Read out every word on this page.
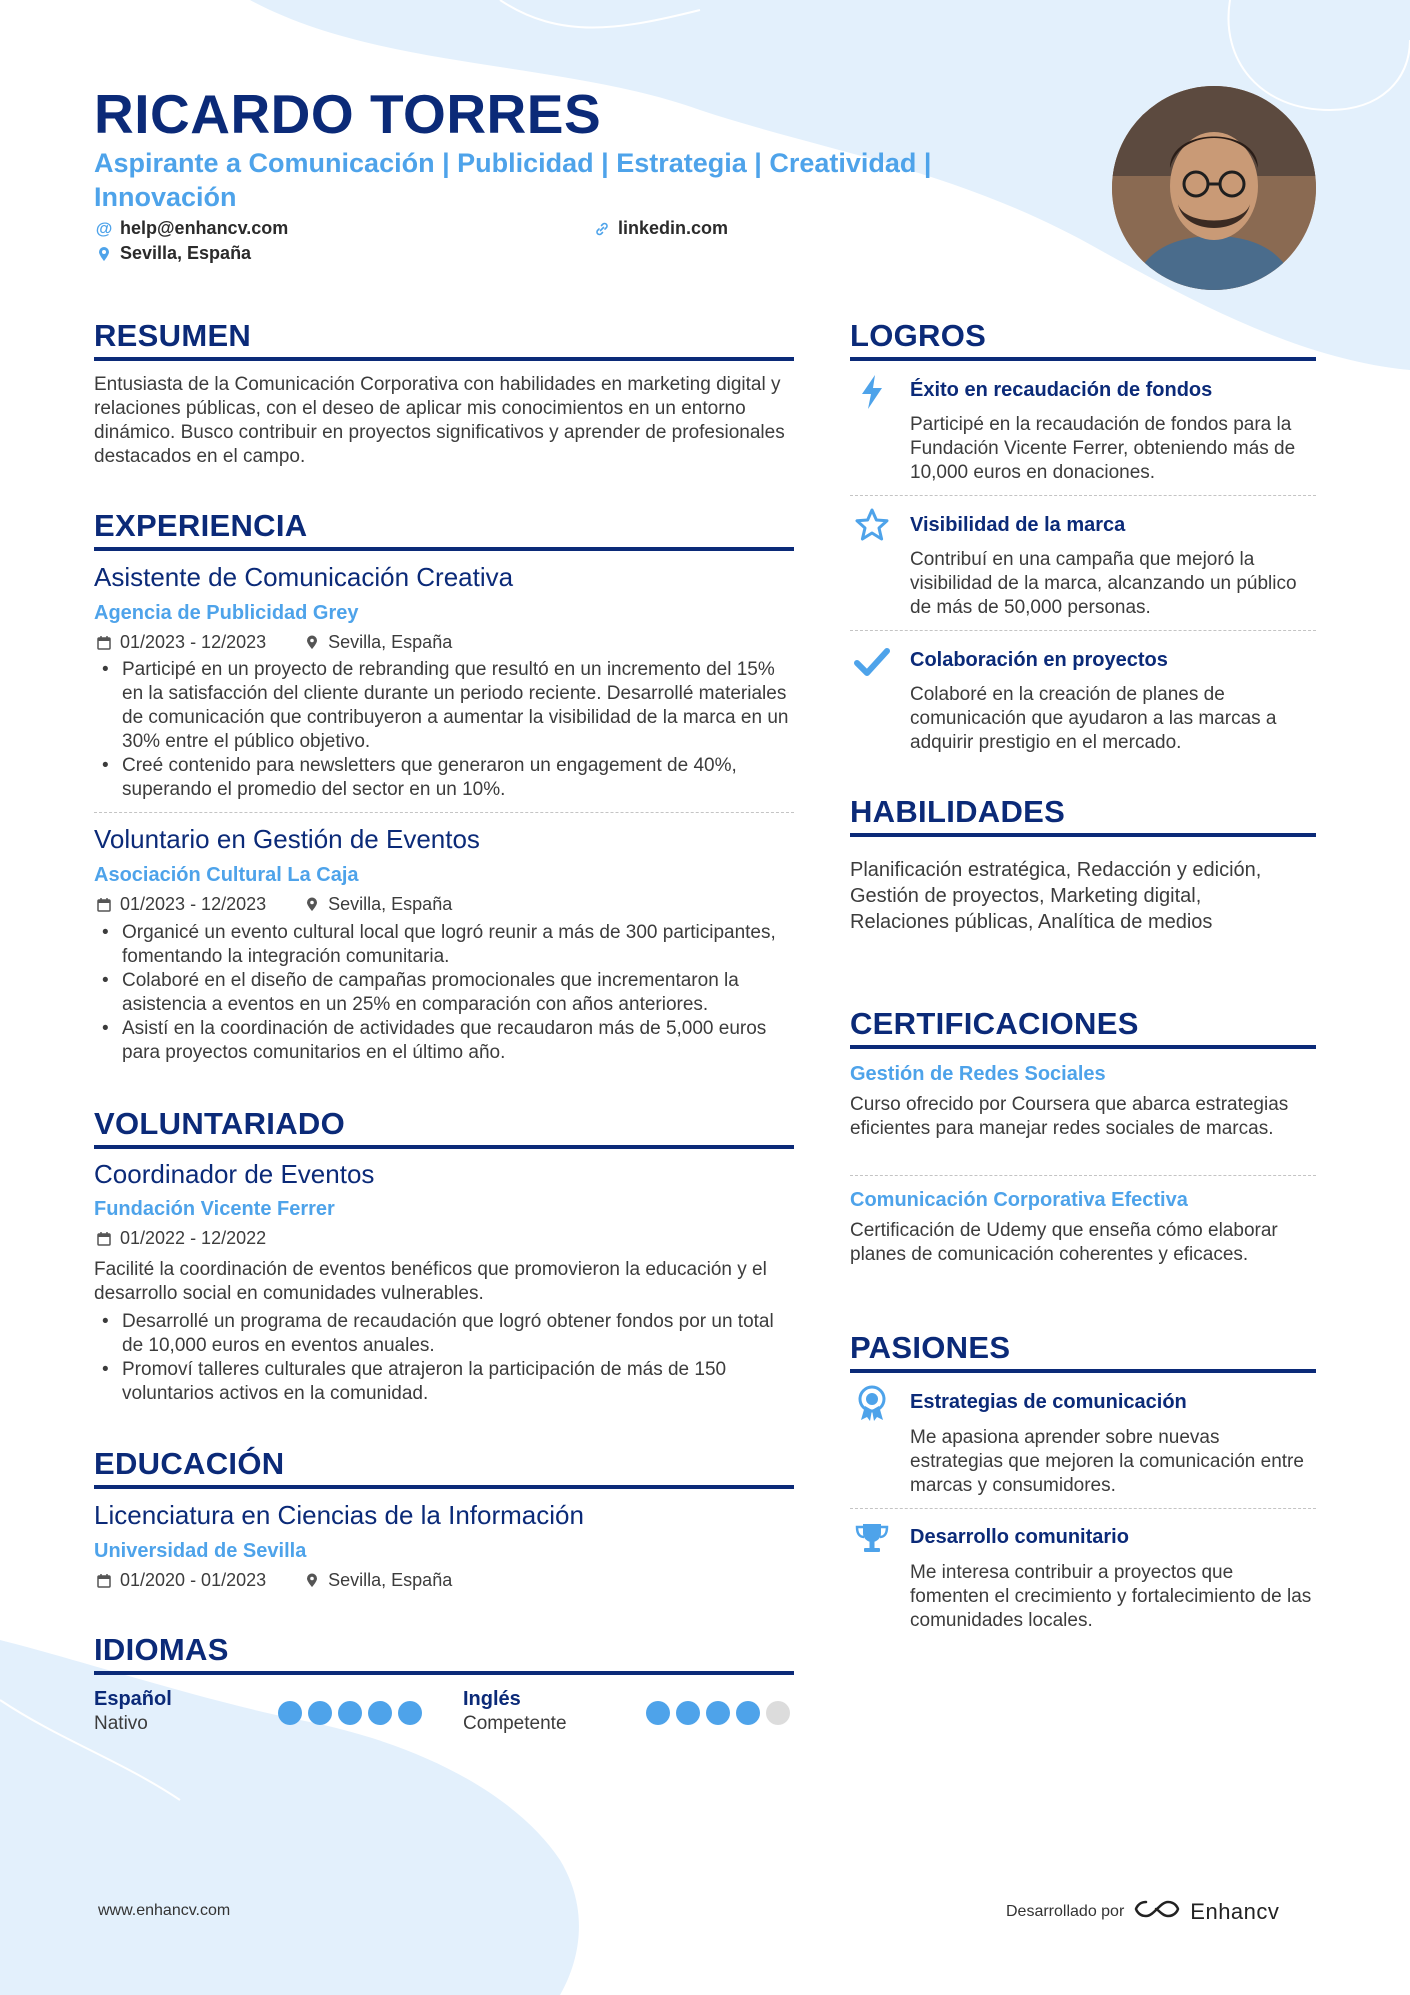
RICARDO TORRES
Aspirante a Comunicación | Publicidad | Estrategia | Creatividad | Innovación
@ help@enhancv.com	linkedin.com
Sevilla, España
RESUMEN
Entusiasta de la Comunicación Corporativa con habilidades en marketing digital y relaciones públicas, con el deseo de aplicar mis conocimientos en un entorno dinámico. Busco contribuir en proyectos significativos y aprender de profesionales destacados en el campo.
EXPERIENCIA
Asistente de Comunicación Creativa
Agencia de Publicidad Grey
01/2023 - 12/2023	Sevilla, España
• Participé en un proyecto de rebranding que resultó en un incremento del 15% en la satisfacción del cliente durante un periodo reciente. Desarrollé materiales de comunicación que contribuyeron a aumentar la visibilidad de la marca en un 30% entre el público objetivo.
• Creé contenido para newsletters que generaron un engagement de 40%, superando el promedio del sector en un 10%.
Voluntario en Gestión de Eventos
Asociación Cultural La Caja
01/2023 - 12/2023	Sevilla, España
• Organicé un evento cultural local que logró reunir a más de 300 participantes, fomentando la integración comunitaria.
• Colaboré en el diseño de campañas promocionales que incrementaron la asistencia a eventos en un 25% en comparación con años anteriores.
• Asistí en la coordinación de actividades que recaudaron más de 5,000 euros para proyectos comunitarios en el último año.
VOLUNTARIADO
Coordinador de Eventos
Fundación Vicente Ferrer
01/2022 - 12/2022
Facilité la coordinación de eventos benéficos que promovieron la educación y el desarrollo social en comunidades vulnerables.
• Desarrollé un programa de recaudación que logró obtener fondos por un total de 10,000 euros en eventos anuales.
• Promoví talleres culturales que atrajeron la participación de más de 150 voluntarios activos en la comunidad.
EDUCACIÓN
Licenciatura en Ciencias de la Información
Universidad de Sevilla
01/2020 - 01/2023	Sevilla, España
IDIOMAS
Español
Nativo
Inglés
Competente
LOGROS
Éxito en recaudación de fondos
Participé en la recaudación de fondos para la Fundación Vicente Ferrer, obteniendo más de 10,000 euros en donaciones.
Visibilidad de la marca
Contribuí en una campaña que mejoró la visibilidad de la marca, alcanzando un público de más de 50,000 personas.
Colaboración en proyectos
Colaboré en la creación de planes de comunicación que ayudaron a las marcas a adquirir prestigio en el mercado.
HABILIDADES
Planificación estratégica, Redacción y edición, Gestión de proyectos, Marketing digital, Relaciones públicas, Analítica de medios
CERTIFICACIONES
Gestión de Redes Sociales
Curso ofrecido por Coursera que abarca estrategias eficientes para manejar redes sociales de marcas.
Comunicación Corporativa Efectiva
Certificación de Udemy que enseña cómo elaborar planes de comunicación coherentes y eficaces.
PASIONES
Estrategias de comunicación
Me apasiona aprender sobre nuevas estrategias que mejoren la comunicación entre marcas y consumidores.
Desarrollo comunitario
Me interesa contribuir a proyectos que fomenten el crecimiento y fortalecimiento de las comunidades locales.
www.enhancv.com	Desarrollado por	Enhancv
